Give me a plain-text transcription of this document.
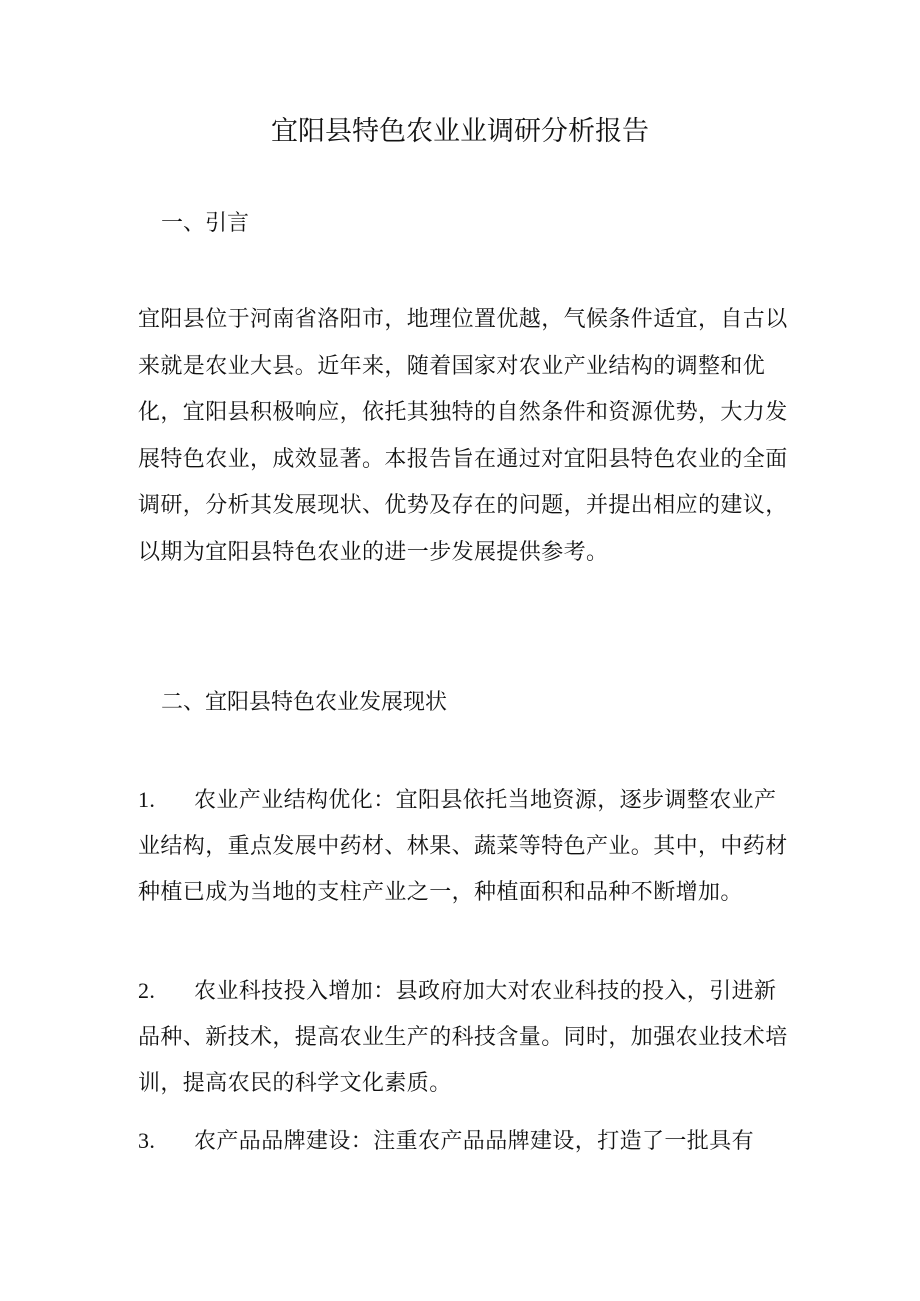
宜阳县特色农业业调研分析报告
一、引言

宜阳县位于河南省洛阳市，地理位置优越，气候条件适宜，自古以来就是农业大县。近年来，随着国家对农业产业结构的调整和优化，宜阳县积极响应，依托其独特的自然条件和资源优势，大力发展特色农业，成效显著。本报告旨在通过对宜阳县特色农业的全面调研，分析其发展现状、优势及存在的问题，并提出相应的建议，以期为宜阳县特色农业的进一步发展提供参考。

二、宜阳县特色农业发展现状

1. 农业产业结构优化：宜阳县依托当地资源，逐步调整农业产业结构，重点发展中药材、林果、蔬菜等特色产业。其中，中药材种植已成为当地的支柱产业之一，种植面积和品种不断增加。

2. 农业科技投入增加：县政府加大对农业科技的投入，引进新品种、新技术，提高农业生产的科技含量。同时，加强农业技术培训，提高农民的科学文化素质。

3. 农产品品牌建设：注重农产品品牌建设，打造了一批具有
